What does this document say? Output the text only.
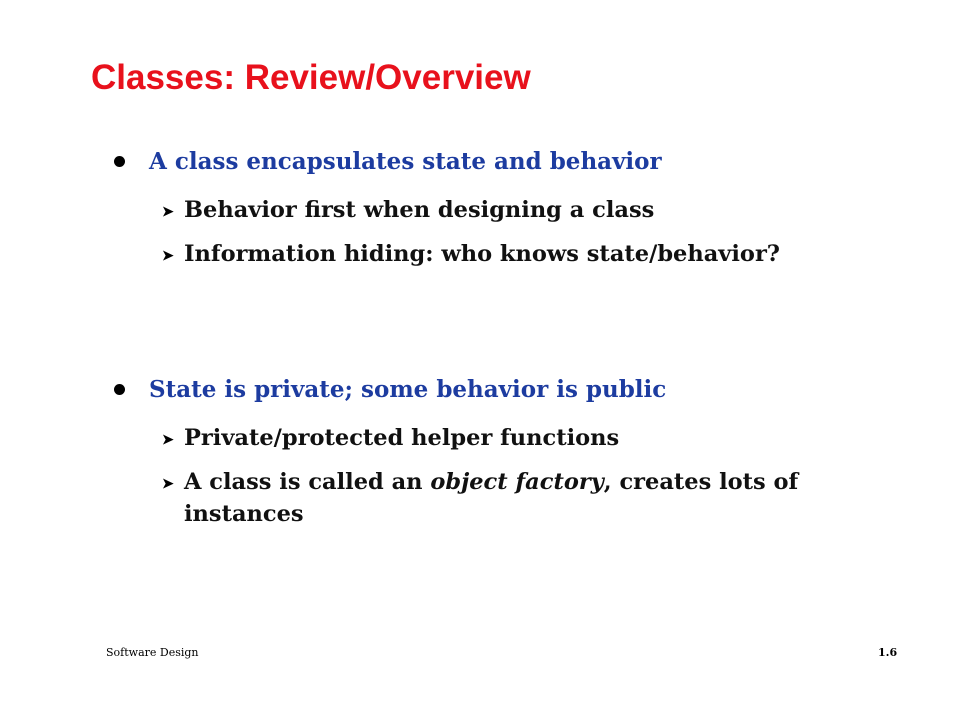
Classes: Review/Overview
A class encapsulates state and behavior
➤ Behavior first when designing a class
➤ Information hiding: who knows state/behavior?
State is private; some behavior is public
➤ Private/protected helper functions
➤ A class is called an object factory, creates lots of instances
Software Design	1.6
